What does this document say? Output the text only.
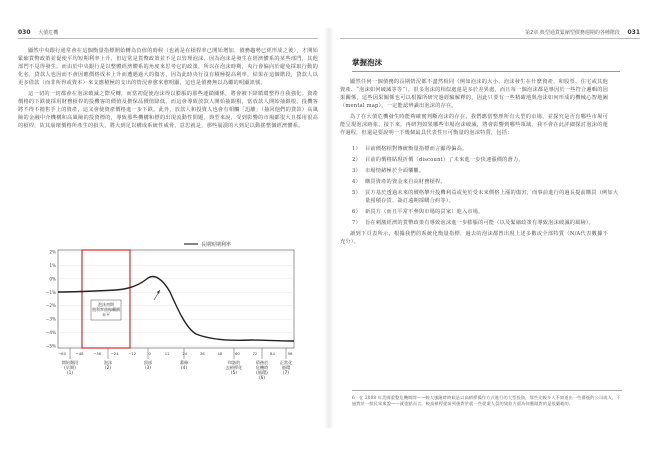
030 大債危機

顯然中央銀行通常會在這個衡量指標開始轉為負值的時候（也就是在槓桿率已開始增加、債務趨勢已經形成之後），才開始緊縮貨幣政策並促使平均短期利率上升，但這常是貨幣政策並不足以管理泡沫，因為泡沫是發生在經濟體系的某些部門，其他部門不見得發生。而由於中央銀行是以整體經濟體系的角度來思考它的政策，所以在泡沫時期，央行會偏向於避免採取行動的化名，貸款人也因而不會因應價格成本上升而遭遇過大的傷害，因為此時央行沒有積極提高利率，結果在這個階段，貸款人以更多借款（而非所得或資本）來支應積極的支出的情況會愈來愈明顯，這也是債務無以為繼的明顯訊號。

這一切的一切都會在泡沫破滅之際反轉，而當初促使泡沫得以膨脹的那些連鎖關係，將會被下降循環整得自我強化。資產價格的下跌使採用財務槓桿的投機客的價值及擔保品價值降低，而這會導致放款人開始抽銀根，當放款人開始抽銀根，投機客將不得不拋售手上的資產，這又會使資產價格進一步下跌。此外，放款人和投資人也會有相觸「迅離」（抽回他們的貸款）高風險的金融中介機構和高風險的投資標的，導致那些機構和標的出現流動性問題。典型來說，受到影響的市場都很大且採用很高的槓桿，故其崩壞價格所產生的損失，將大到足以構成系統性威脅，意思就是，那些崩潰的大到足以動搖整個經濟體系。

長期短期利率
2%
1%
0%
−1%
−2%
−3%
−4%
−5%
−60	−48	−36	−24	−12	0	12	24	36	48	60	72	84	96
泡沫初期殖利率曲線繼續未平
開始階段(早期) (1)
泡沫(2)
頂部(3)
蕭條(4)
和諧的去槓桿化(5)
債務於危機時(循環) (6)
正常化循環(7)
第2章 典型通貨緊縮型債務週期的各種階段 031
掌握泡沫

顯然任何一個債務的長期情況都不盡然相同（例如泡沫的大小、泡沫發生在什麼資產、和股票、住宅或其他資產、“泡沫如何破滅等等”），很多泡沫的相似處還是多於差異處，而且每一個泡沫都是導因於一些符合邏輯的因果關係，這些因果關係也可以根據所研究過經驗解釋的，因此只要有一些精確地與泡沫如何形成的機械心智地圖（mental map），一定能認辨識出泡沫的存在。

為了在大債危機發生時能夠確實判斷泡沫的存在，我們應當整理所有大型的市場，並探究是否有哪些市場可能呈現泡沫跡象，接下來，再研判如果哪些市場泡沫破滅，將會影響到哪些領域。我不會在此詳細探討泡沫的運作過程，但還是要說明一下幾個最具代表性且可衡量的泡沫特質，包括：

1） 目前價格相對傳統衡量指標而言顯得偏高。
2） 目前的價格貼現折價（discount）了未來進一步快速漲價的潛力。
3） 市場情緒極於全面樂觀。
4） 購買資產的資金來自高財務槓桿。
5） 買方基於透過未來的價格攀升投機利益或免於受未來價格上漲的傷害，而事前進行的過長提前購買（例如大量囤積存貨、簽訂遠期採購合約等）。
6） 新買方（而且平常不參與市場的買家）進入市場。
7） 旨在刺激經濟的貨幣政策有導致泡沫進一步膨脹的可能（以及緊縮政策有導致泡沫破滅的風險）。

讀到下頁表所示，根據我們的系統化衡量指標，過去的泡沫都曾出現上述多數或全部特質（N/A代表數據不充分）。

6　在 2008 年美國重整危機期間——較大風險時時候是以高槓桿操作方式進行的大型投資，那些比較多人不知道出一些幕後的公司或人，不過對於一般民眾來說——就重點而言，較高槓桿從前到後對於就一些從業人員的貸款方面為何應做對的是很嚴峻的。
